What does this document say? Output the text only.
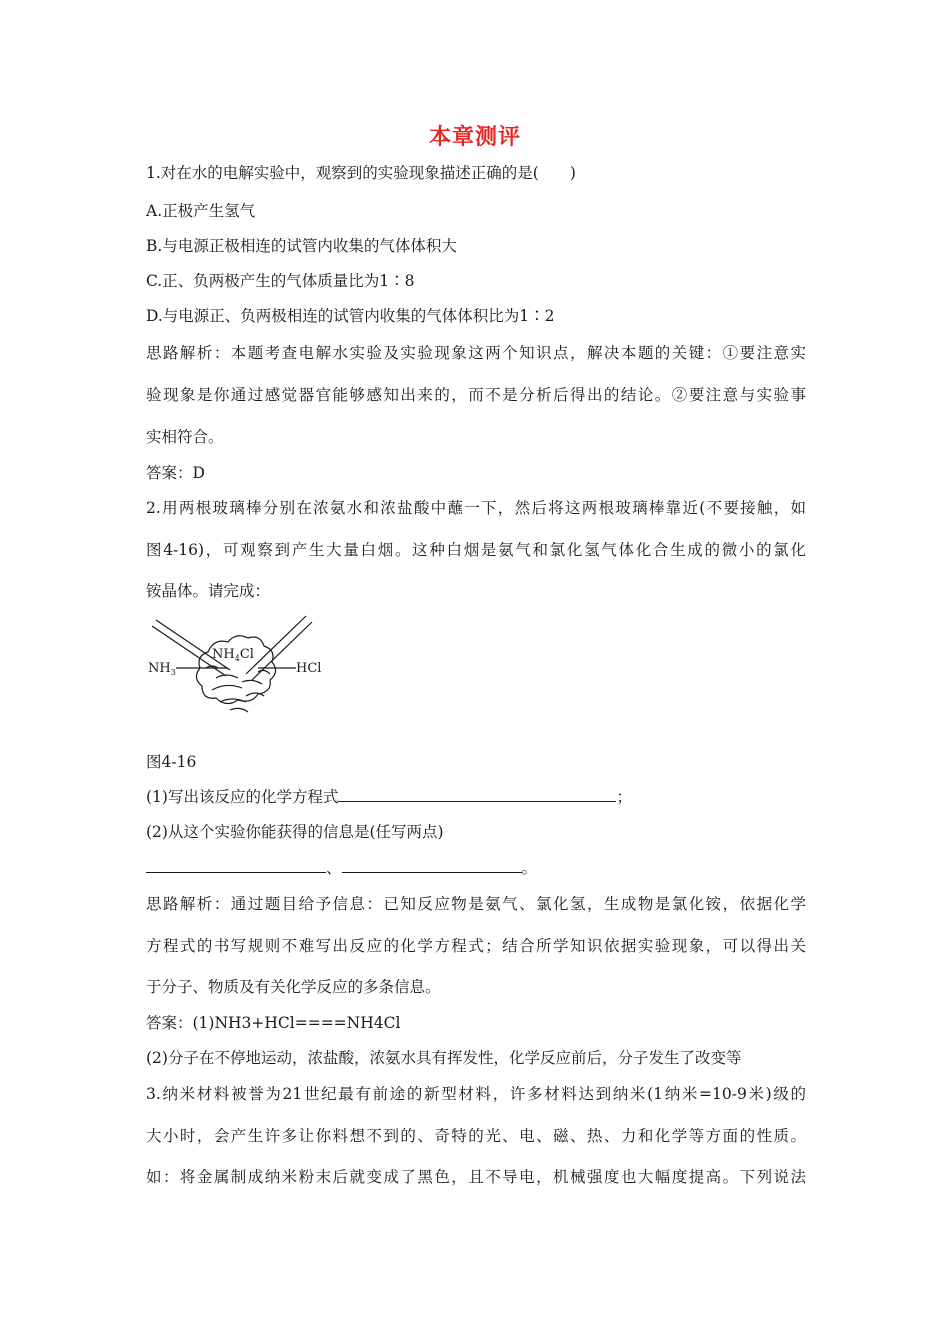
本章测评
1.对在水的电解实验中，观察到的实验现象描述正确的是(　　)
A.正极产生氢气
B.与电源正极相连的试管内收集的气体体积大
C.正、负两极产生的气体质量比为1∶8
D.与电源正、负两极相连的试管内收集的气体体积比为1∶2
思路解析：本题考查电解水实验及实验现象这两个知识点，解决本题的关键：①要注意实
验现象是你通过感觉器官能够感知出来的，而不是分析后得出的结论。②要注意与实验事
实相符合。
答案：D
2.用两根玻璃棒分别在浓氨水和浓盐酸中蘸一下，然后将这两根玻璃棒靠近(不要接触，如
图4-16)，可观察到产生大量白烟。这种白烟是氨气和氯化氢气体化合生成的微小的氯化
铵晶体。请完成：
$NH_3$
$NH_4Cl$
HCl
图4-16
(1)写出该反应的化学方程式	；
(2)从这个实验你能获得的信息是(任写两点)
、	。
思路解析：通过题目给予信息：已知反应物是氨气、氯化氢，生成物是氯化铵，依据化学
方程式的书写规则不难写出反应的化学方程式；结合所学知识依据实验现象，可以得出关
于分子、物质及有关化学反应的多条信息。
答案：(1)NH3+HCl====NH4Cl
(2)分子在不停地运动，浓盐酸，浓氨水具有挥发性，化学反应前后，分子发生了改变等
3.纳米材料被誉为21世纪最有前途的新型材料，许多材料达到纳米(1纳米=10-9米)级的
大小时，会产生许多让你料想不到的、奇特的光、电、磁、热、力和化学等方面的性质。
如：将金属制成纳米粉末后就变成了黑色，且不导电，机械强度也大幅度提高。下列说法
